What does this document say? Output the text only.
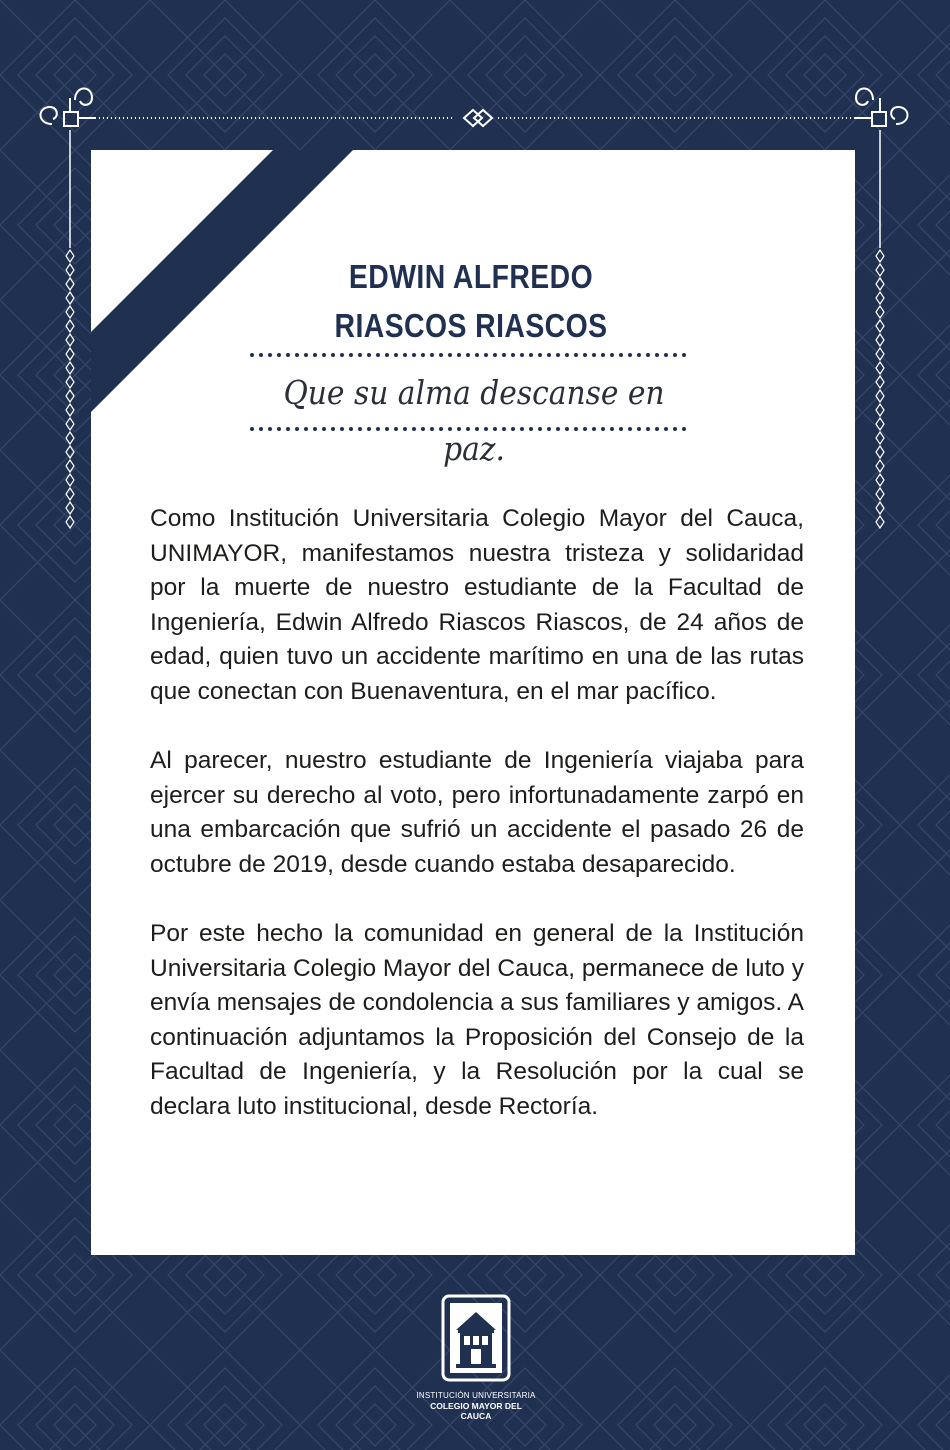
EDWIN ALFREDO
RIASCOS RIASCOS
Que su alma descanse en paz.

Como Institución Universitaria Colegio Mayor del Cauca, UNIMAYOR, manifestamos nuestra tristeza y solidaridad por la muerte de nuestro estudiante de la Facultad de Ingeniería, Edwin Alfredo Riascos Riascos, de 24 años de edad, quien tuvo un accidente marítimo en una de las rutas que conectan con Buenaventura, en el mar pacífico.

Al parecer, nuestro estudiante de Ingeniería viajaba para ejercer su derecho al voto, pero infortunadamente zarpó en una embarcación que sufrió un accidente el pasado 26 de octubre de 2019, desde cuando estaba desaparecido.

Por este hecho la comunidad en general de la Institución Universitaria Colegio Mayor del Cauca, permanece de luto y envía mensajes de condolencia a sus familiares y amigos. A continuación adjuntamos la Proposición del Consejo de la Facultad de Ingeniería, y la Resolución por la cual se declara luto institucional, desde Rectoría.

INSTITUCIÓN UNIVERSITARIA
COLEGIO MAYOR DEL CAUCA
